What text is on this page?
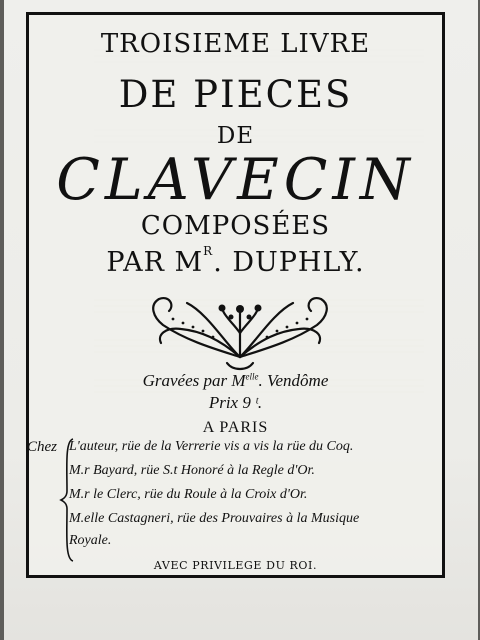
TROISIEME LIVRE
DE PIECES
DE
CLAVECIN
COMPOSÉES
PAR $M^R$. DUPHLY.
Gravées par $M^{elle}$. Vendôme
Prix 9 ᵗ.
A PARIS
Chez L'auteur, rüe de la Verrerie vis a vis la rüe du Coq.
M.r Bayard, rüe S.t Honoré à la Regle d'Or.
M.r le Clerc, rüe du Roule à la Croix d'Or.
M.elle Castagneri, rüe des Prouvaires à la Musique
Royale.
AVEC PRIVILEGE DU ROI.
